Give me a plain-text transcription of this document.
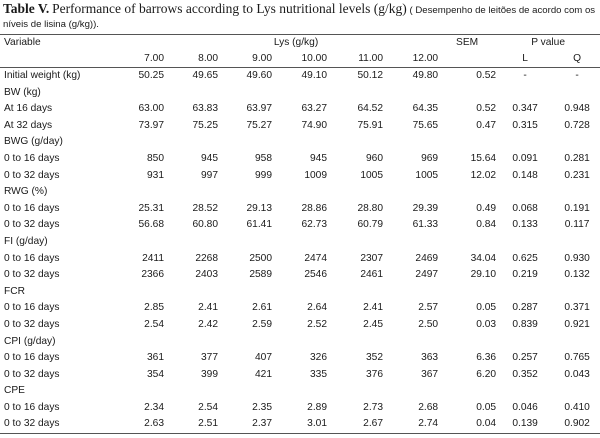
Table V. Performance of barrows according to Lys nutritional levels (g/kg) ( Desempenho de leitões de acordo com os níveis de lisina (g/kg)).
Variable	Lys (g/kg)						SEM	P value	
	7.00	8.00	9.00	10.00	11.00	12.00		L	Q
Initial weight (kg)	50.25	49.65	49.60	49.10	50.12	49.80	0.52	-	-
BW (kg)									
At 16 days	63.00	63.83	63.97	63.27	64.52	64.35	0.52	0.347	0.948
At 32 days	73.97	75.25	75.27	74.90	75.91	75.65	0.47	0.315	0.728
BWG (g/day)									
0 to 16 days	850	945	958	945	960	969	15.64	0.091	0.281
0 to 32 days	931	997	999	1009	1005	1005	12.02	0.148	0.231
RWG (%)									
0 to 16 days	25.31	28.52	29.13	28.86	28.80	29.39	0.49	0.068	0.191
0 to 32 days	56.68	60.80	61.41	62.73	60.79	61.33	0.84	0.133	0.117
FI (g/day)									
0 to 16 days	2411	2268	2500	2474	2307	2469	34.04	0.625	0.930
0 to 32 days	2366	2403	2589	2546	2461	2497	29.10	0.219	0.132
FCR									
0 to 16 days	2.85	2.41	2.61	2.64	2.41	2.57	0.05	0.287	0.371
0 to 32 days	2.54	2.42	2.59	2.52	2.45	2.50	0.03	0.839	0.921
CPI (g/day)									
0 to 16 days	361	377	407	326	352	363	6.36	0.257	0.765
0 to 32 days	354	399	421	335	376	367	6.20	0.352	0.043
CPE									
0 to 16 days	2.34	2.54	2.35	2.89	2.73	2.68	0.05	0.046	0.410
0 to 32 days	2.63	2.51	2.37	3.01	2.67	2.74	0.04	0.139	0.902
